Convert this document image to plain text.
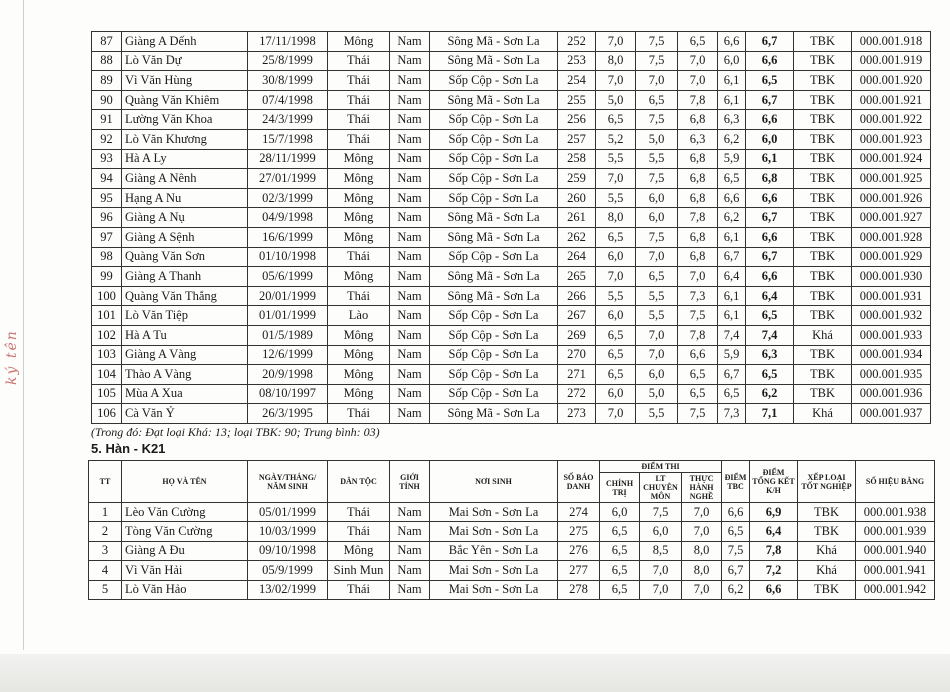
ký tên
87	Giàng A Dếnh	17/11/1998	Mông	Nam	Sông Mã - Sơn La	252	7,0	7,5	6,5	6,6	6,7	TBK	000.001.918
88	Lò Văn Dự	25/8/1999	Thái	Nam	Sông Mã - Sơn La	253	8,0	7,5	7,0	6,0	6,6	TBK	000.001.919
89	Vì Văn Hùng	30/8/1999	Thái	Nam	Sốp Cộp - Sơn La	254	7,0	7,0	7,0	6,1	6,5	TBK	000.001.920
90	Quàng Văn Khiêm	07/4/1998	Thái	Nam	Sông Mã - Sơn La	255	5,0	6,5	7,8	6,1	6,7	TBK	000.001.921
91	Lường Văn Khoa	24/3/1999	Thái	Nam	Sốp Cộp - Sơn La	256	6,5	7,5	6,8	6,3	6,6	TBK	000.001.922
92	Lò Văn Khương	15/7/1998	Thái	Nam	Sốp Cộp - Sơn La	257	5,2	5,0	6,3	6,2	6,0	TBK	000.001.923
93	Hà A Ly	28/11/1999	Mông	Nam	Sốp Cộp - Sơn La	258	5,5	5,5	6,8	5,9	6,1	TBK	000.001.924
94	Giàng A Nênh	27/01/1999	Mông	Nam	Sốp Cộp - Sơn La	259	7,0	7,5	6,8	6,5	6,8	TBK	000.001.925
95	Hạng A Nu	02/3/1999	Mông	Nam	Sốp Cộp - Sơn La	260	5,5	6,0	6,8	6,6	6,6	TBK	000.001.926
96	Giàng A Nụ	04/9/1998	Mông	Nam	Sông Mã - Sơn La	261	8,0	6,0	7,8	6,2	6,7	TBK	000.001.927
97	Giàng A Sệnh	16/6/1999	Mông	Nam	Sông Mã - Sơn La	262	6,5	7,5	6,8	6,1	6,6	TBK	000.001.928
98	Quàng Văn Sơn	01/10/1998	Thái	Nam	Sốp Cộp - Sơn La	264	6,0	7,0	6,8	6,7	6,7	TBK	000.001.929
99	Giàng A Thanh	05/6/1999	Mông	Nam	Sông Mã - Sơn La	265	7,0	6,5	7,0	6,4	6,6	TBK	000.001.930
100	Quàng Văn Thắng	20/01/1999	Thái	Nam	Sông Mã - Sơn La	266	5,5	5,5	7,3	6,1	6,4	TBK	000.001.931
101	Lò Văn Tiệp	01/01/1999	Lào	Nam	Sốp Cộp - Sơn La	267	6,0	5,5	7,5	6,1	6,5	TBK	000.001.932
102	Hà A Tu	01/5/1989	Mông	Nam	Sốp Cộp - Sơn La	269	6,5	7,0	7,8	7,4	7,4	Khá	000.001.933
103	Giàng A Vàng	12/6/1999	Mông	Nam	Sốp Cộp - Sơn La	270	6,5	7,0	6,6	5,9	6,3	TBK	000.001.934
104	Thào A Vàng	20/9/1998	Mông	Nam	Sốp Cộp - Sơn La	271	6,5	6,0	6,5	6,7	6,5	TBK	000.001.935
105	Mùa A Xua	08/10/1997	Mông	Nam	Sốp Cộp - Sơn La	272	6,0	5,0	6,5	6,5	6,2	TBK	000.001.936
106	Cà Văn Ỷ	26/3/1995	Thái	Nam	Sông Mã - Sơn La	273	7,0	5,5	7,5	7,3	7,1	Khá	000.001.937
(Trong đó: Đạt loại Khá: 13; loại TBK: 90; Trung bình: 03)
5. Hàn - K21
TT	HỌ VÀ TÊN	NGÀY/THÁNG/ NĂM SINH	DÂN TỘC	GIỚI TÍNH	NƠI SINH	SỐ BÁO DANH	ĐIỂM THI			ĐIỂM TBC	ĐIỂM TỔNG KẾT K/H	XẾP LOẠI TỐT NGHIỆP	SỐ HIỆU BẰNG
							CHÍNH TRỊ	LT CHUYÊN MÔN	THỰC HÀNH NGHỀ				
1	Lèo Văn Cường	05/01/1999	Thái	Nam	Mai Sơn - Sơn La	274	6,0	7,5	7,0	6,6	6,9	TBK	000.001.938
2	Tòng Văn Cường	10/03/1999	Thái	Nam	Mai Sơn - Sơn La	275	6,5	6,0	7,0	6,5	6,4	TBK	000.001.939
3	Giàng A Đu	09/10/1998	Mông	Nam	Bắc Yên - Sơn La	276	6,5	8,5	8,0	7,5	7,8	Khá	000.001.940
4	Vì Văn Hải	05/9/1999	Sinh Mun	Nam	Mai Sơn - Sơn La	277	6,5	7,0	8,0	6,7	7,2	Khá	000.001.941
5	Lò Văn Hảo	13/02/1999	Thái	Nam	Mai Sơn - Sơn La	278	6,5	7,0	7,0	6,2	6,6	TBK	000.001.942
